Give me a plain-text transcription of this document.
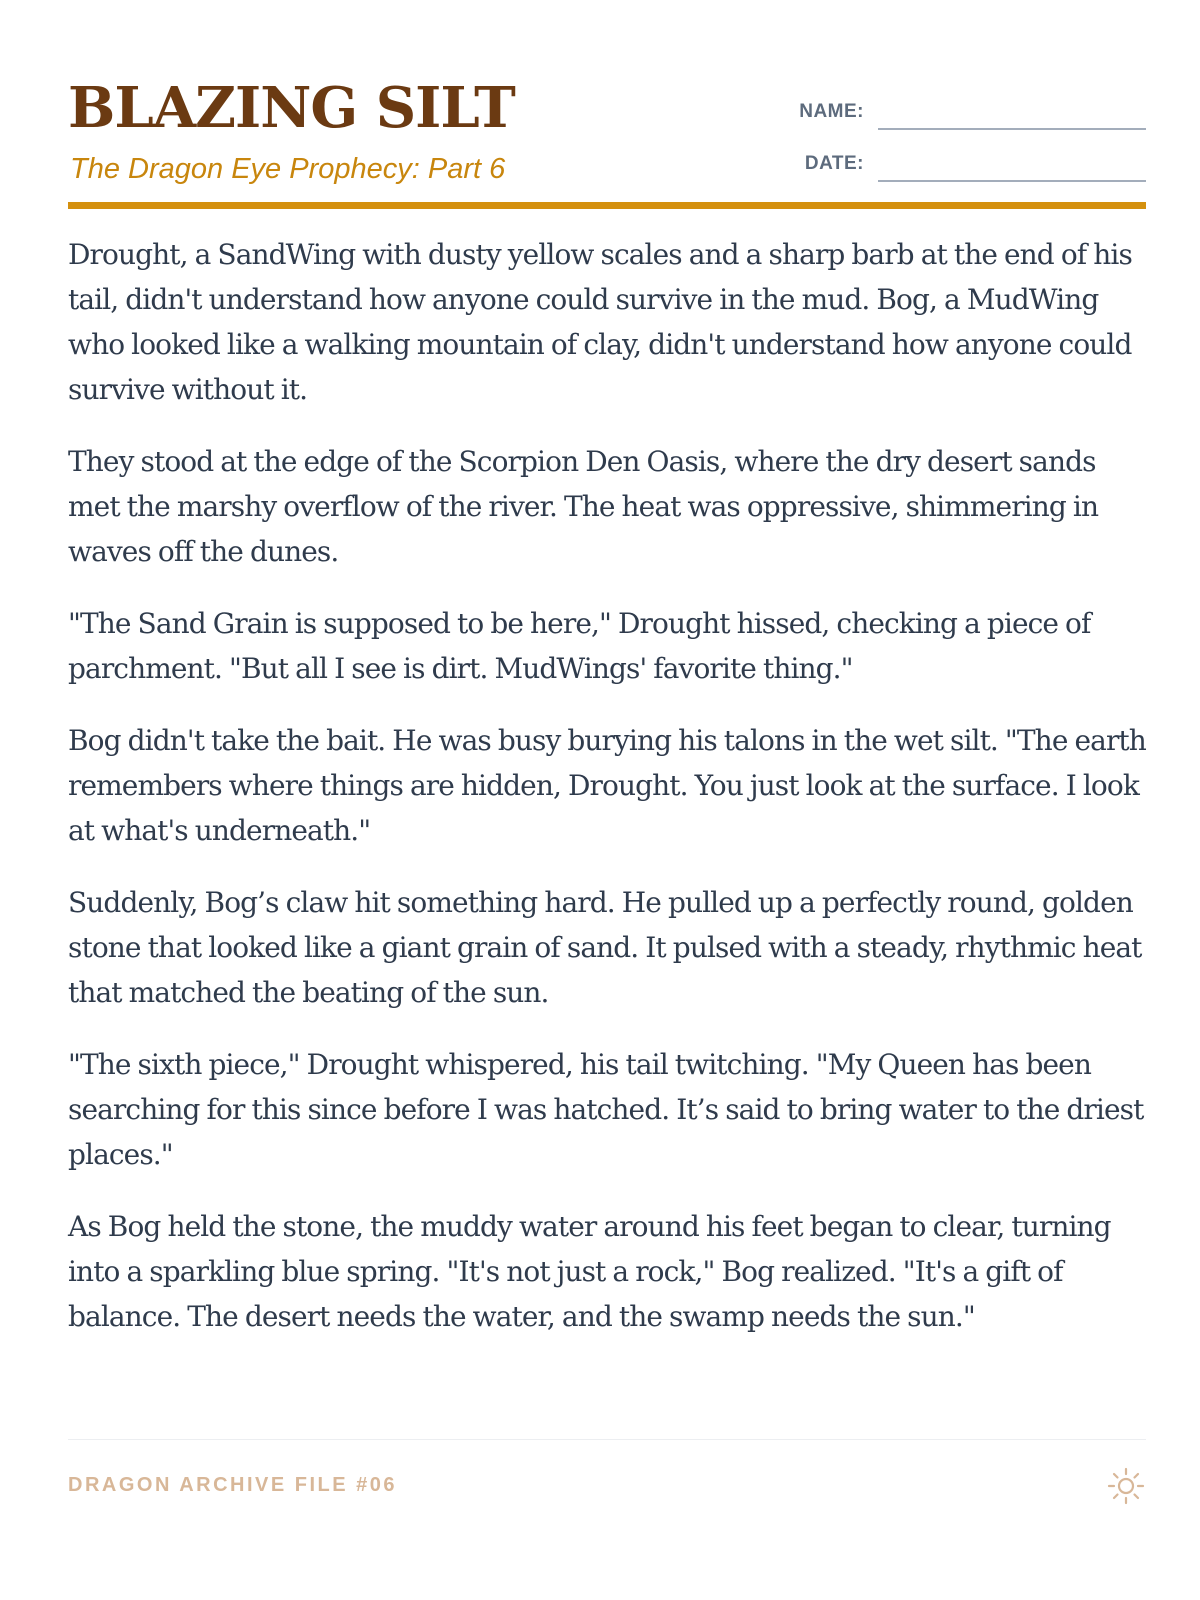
BLAZING SILT
The Dragon Eye Prophecy: Part 6
NAME:
DATE:

Drought, a SandWing with dusty yellow scales and a sharp barb at the end of his tail, didn't understand how anyone could survive in the mud. Bog, a MudWing who looked like a walking mountain of clay, didn't understand how anyone could survive without it.

They stood at the edge of the Scorpion Den Oasis, where the dry desert sands met the marshy overflow of the river. The heat was oppressive, shimmering in waves off the dunes.

"The Sand Grain is supposed to be here," Drought hissed, checking a piece of parchment. "But all I see is dirt. MudWings' favorite thing."

Bog didn't take the bait. He was busy burying his talons in the wet silt. "The earth remembers where things are hidden, Drought. You just look at the surface. I look at what's underneath."

Suddenly, Bog’s claw hit something hard. He pulled up a perfectly round, golden stone that looked like a giant grain of sand. It pulsed with a steady, rhythmic heat that matched the beating of the sun.

"The sixth piece," Drought whispered, his tail twitching. "My Queen has been searching for this since before I was hatched. It’s said to bring water to the driest places."

As Bog held the stone, the muddy water around his feet began to clear, turning into a sparkling blue spring. "It's not just a rock," Bog realized. "It's a gift of balance. The desert needs the water, and the swamp needs the sun."

DRAGON ARCHIVE FILE #06
